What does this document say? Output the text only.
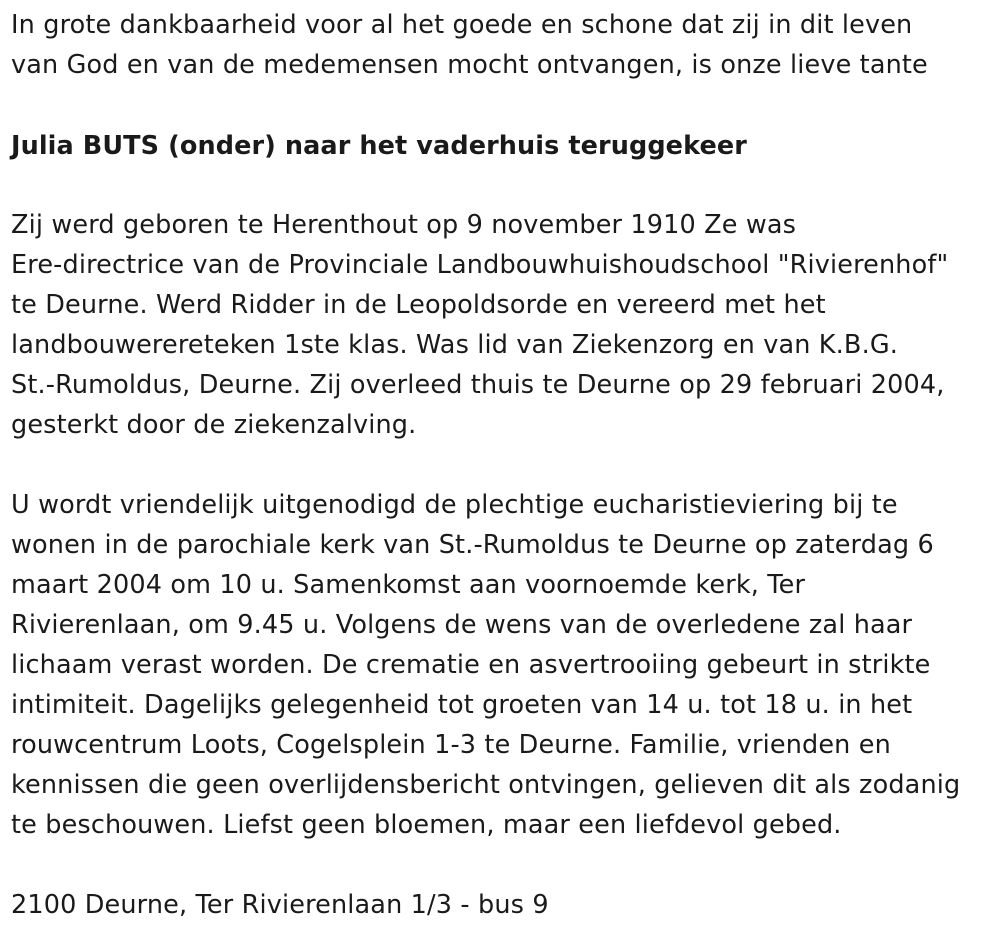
In grote dankbaarheid voor al het goede en schone dat zij in dit leven
van God en van de medemensen mocht ontvangen, is onze lieve tante
Julia BUTS (onder) naar het vaderhuis teruggekeer
Zij werd geboren te Herenthout op 9 november 1910 Ze was
Ere-directrice van de Provinciale Landbouwhuishoudschool "Rivierenhof"
te Deurne. Werd Ridder in de Leopoldsorde en vereerd met het
landbouwerereteken 1ste klas. Was lid van Ziekenzorg en van K.B.G.
St.-Rumoldus, Deurne. Zij overleed thuis te Deurne op 29 februari 2004,
gesterkt door de ziekenzalving.
U wordt vriendelijk uitgenodigd de plechtige eucharistieviering bij te
wonen in de parochiale kerk van St.-Rumoldus te Deurne op zaterdag 6
maart 2004 om 10 u. Samenkomst aan voornoemde kerk, Ter
Rivierenlaan, om 9.45 u. Volgens de wens van de overledene zal haar
lichaam verast worden. De crematie en asvertrooiing gebeurt in strikte
intimiteit. Dagelijks gelegenheid tot groeten van 14 u. tot 18 u. in het
rouwcentrum Loots, Cogelsplein 1-3 te Deurne. Familie, vrienden en
kennissen die geen overlijdensbericht ontvingen, gelieven dit als zodanig
te beschouwen. Liefst geen bloemen, maar een liefdevol gebed.
2100 Deurne, Ter Rivierenlaan 1/3 - bus 9
